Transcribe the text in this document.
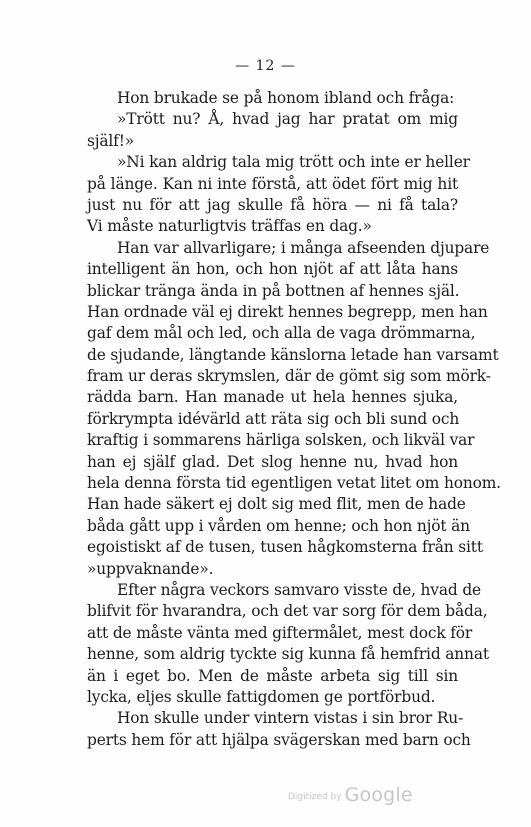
— 12 —
Hon brukade se på honom ibland och fråga:
»Trött nu? Å, hvad jag har pratat om mig
själf!»
»Ni kan aldrig tala mig trött och inte er heller
på länge. Kan ni inte förstå, att ödet fört mig hit
just nu för att jag skulle få höra — ni få tala?
Vi måste naturligtvis träffas en dag.»
Han var allvarligare; i många afseenden djupare
intelligent än hon, och hon njöt af att låta hans
blickar tränga ända in på bottnen af hennes själ.
Han ordnade väl ej direkt hennes begrepp, men han
gaf dem mål och led, och alla de vaga drömmarna,
de sjudande, längtande känslorna letade han varsamt
fram ur deras skrymslen, där de gömt sig som mörk-
rädda barn. Han manade ut hela hennes sjuka,
förkrympta idévärld att räta sig och bli sund och
kraftig i sommarens härliga solsken, och likväl var
han ej själf glad. Det slog henne nu, hvad hon
hela denna första tid egentligen vetat litet om honom.
Han hade säkert ej dolt sig med flit, men de hade
båda gått upp i vården om henne; och hon njöt än
egoistiskt af de tusen, tusen hågkomsterna från sitt
»uppvaknande».
Efter några veckors samvaro visste de, hvad de
blifvit för hvarandra, och det var sorg för dem båda,
att de måste vänta med giftermålet, mest dock för
henne, som aldrig tyckte sig kunna få hemfrid annat
än i eget bo. Men de måste arbeta sig till sin
lycka, eljes skulle fattigdomen ge portförbud.
Hon skulle under vintern vistas i sin bror Ru-
perts hem för att hjälpa svägerskan med barn och
Digitized by Google
